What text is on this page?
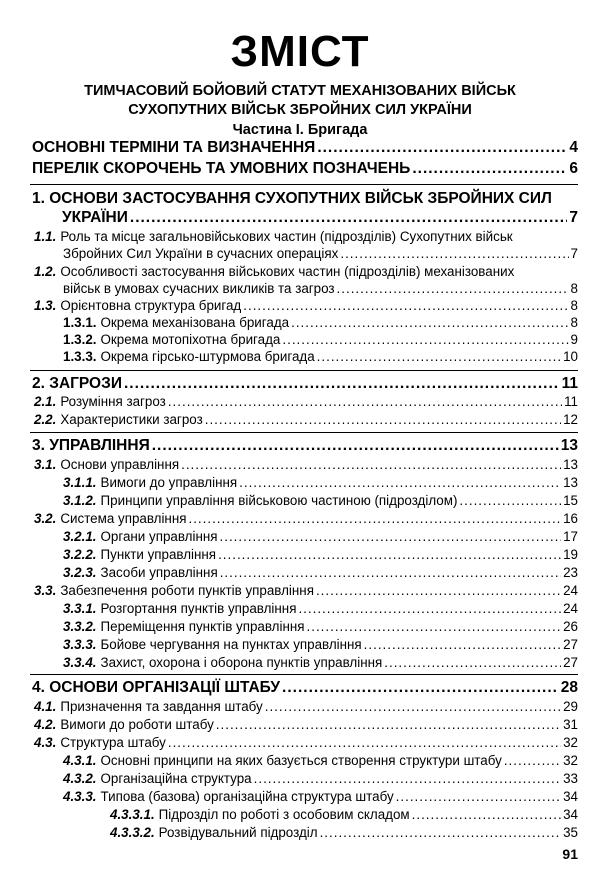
ЗМІСТ
ТИМЧАСОВИЙ БОЙОВИЙ СТАТУТ МЕХАНІЗОВАНИХ ВІЙСЬК
СУХОПУТНИХ ВІЙСЬК ЗБРОЙНИХ СИЛ УКРАЇНИ
Частина І. Бригада
ОСНОВНІ ТЕРМІНИ ТА ВИЗНАЧЕННЯ .....	4
ПЕРЕЛІК СКОРОЧЕНЬ ТА УМОВНИХ ПОЗНАЧЕНЬ .....	6
1. ОСНОВИ ЗАСТОСУВАННЯ СУХОПУТНИХ ВІЙСЬК ЗБРОЙНИХ СИЛ
УКРАЇНИ .....	7
1.1. Роль та місце загальновійськових частин (підрозділів) Сухопутних військ
Збройних Сил України в сучасних операціях .....	7
1.2. Особливості застосування військових частин (підрозділів) механізованих
військ в умовах сучасних викликів та загроз .....	8
1.3. Орієнтовна структура бригад .....	8
1.3.1. Окрема механізована бригада .....	8
1.3.2. Окрема мотопіхотна бригада .....	9
1.3.3. Окрема гірсько-штурмова бригада .....	10
2. ЗАГРОЗИ .....	11
2.1. Розуміння загроз .....	11
2.2. Характеристики загроз .....	12
3. УПРАВЛІННЯ .....	13
3.1. Основи управління .....	13
3.1.1. Вимоги до управління .....	13
3.1.2. Принципи управління військовою частиною (підрозділом) .....	15
3.2. Система управління .....	16
3.2.1. Органи управління .....	17
3.2.2. Пункти управління .....	19
3.2.3. Засоби управління .....	23
3.3. Забезпечення роботи пунктів управління .....	24
3.3.1. Розгортання пунктів управління .....	24
3.3.2. Переміщення пунктів управління .....	26
3.3.3. Бойове чергування на пунктах управління .....	27
3.3.4. Захист, охорона і оборона пунктів управління .....	27
4. ОСНОВИ ОРГАНІЗАЦІЇ ШТАБУ .....	28
4.1. Призначення та завдання штабу .....	29
4.2. Вимоги до роботи штабу .....	31
4.3. Структура штабу .....	32
4.3.1. Основні принципи на яких базується створення структури штабу .....	32
4.3.2. Організаційна структура .....	33
4.3.3. Типова (базова) організаційна структура штабу .....	34
4.3.3.1. Підрозділ по роботі з особовим складом .....	34
4.3.3.2. Розвідувальний підрозділ .....	35
91
